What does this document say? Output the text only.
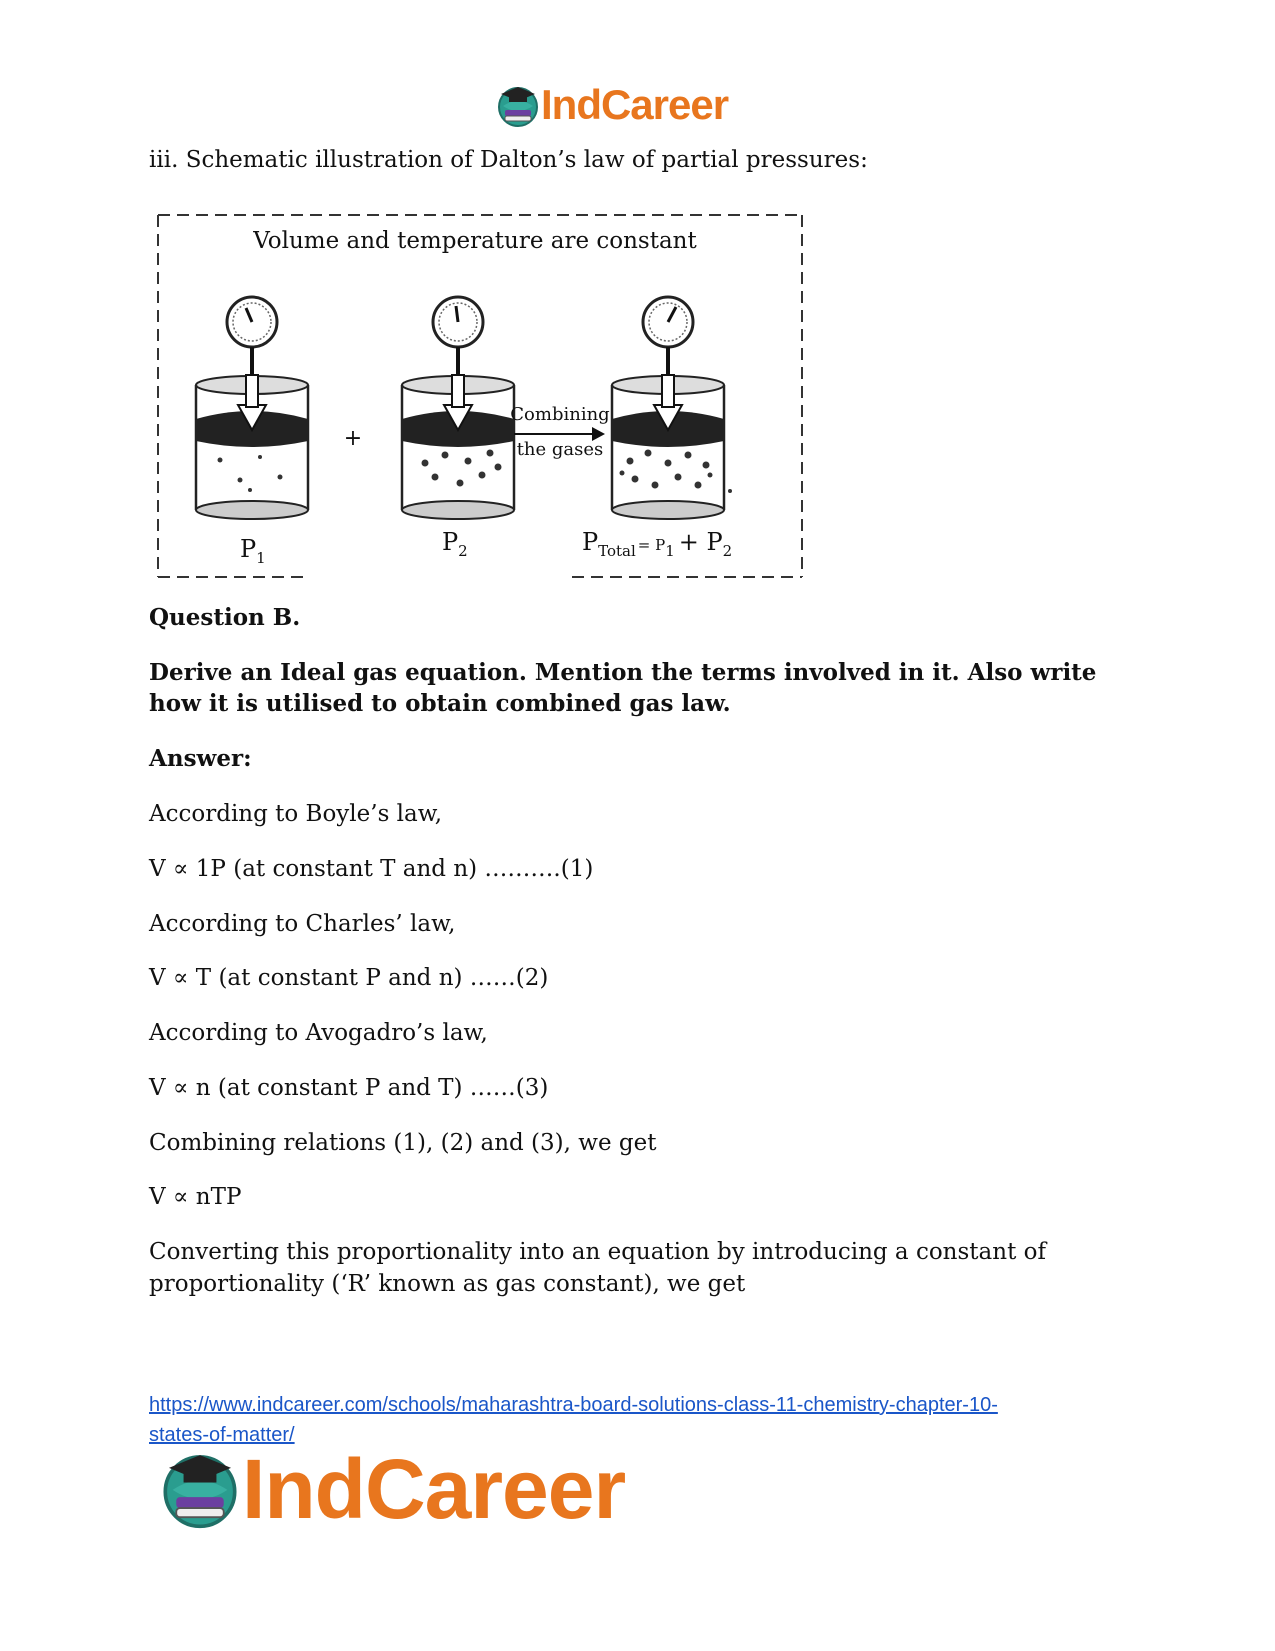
IndCareer

iii. Schematic illustration of Dalton’s law of partial pressures:

Volume and temperature are constant
+
Combining
the gases
$P_1$
$P_2$	$P_{Total}$ $^{= P}_1 + P_2$

Question B.

Derive an Ideal gas equation. Mention the terms involved in it. Also write

how it is utilised to obtain combined gas law.

Answer:

According to Boyle’s law,

V ∝ 1P (at constant T and n) ……….(1)

According to Charles’ law,

V ∝ T (at constant P and n) ……(2)

According to Avogadro’s law,

V ∝ n (at constant P and T) ……(3)

Combining relations (1), (2) and (3), we get

V ∝ nTP

Converting this proportionality into an equation by introducing a constant of

proportionality (‘R’ known as gas constant), we get

https://www.indcareer.com/schools/maharashtra-board-solutions-class-11-chemistry-chapter-10-
states-of-matter/
IndCareer
